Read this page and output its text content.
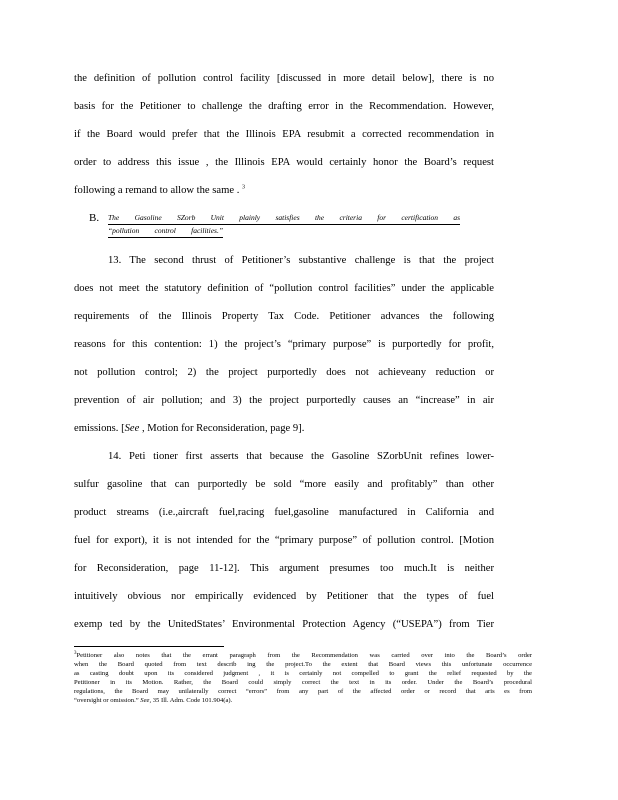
the definition of pollution control facility [discussed in more detail below], there is no
basis for the Petitioner to challenge the drafting error in the Recommendation. However,
if the Board would prefer that the Illinois EPA resubmit a corrected recommendation in
order to address this issue , the Illinois EPA would certainly honor the Board’s request
following a remand to allow the same . $^3$
B. The Gasoline SZorb Unit plainly satisfies the criteria for certification as
“pollution control facilities.”
13. The second thrust of Petitioner’s substantive challenge is that the project
does not meet the statutory definition of “pollution control facilities” under the applicable
requirements of the Illinois Property Tax Code. Petitioner advances the following
reasons for this contention: 1) the project’s “primary purpose” is purportedly for profit,
not pollution control; 2) the project purportedly does not achieveany reduction or
prevention of air pollution; and 3) the project purportedly causes an “increase” in air
emissions. [See , Motion for Reconsideration, page 9].
14. Peti tioner first asserts that because the Gasoline SZorbUnit refines lower-
sulfur gasoline that can purportedly be sold “more easily and profitably” than other
product streams (i.e.,aircraft fuel,racing fuel,gasoline manufactured in California and
fuel for export), it is not intended for the “primary purpose” of pollution control. [Motion
for Reconsideration, page 11-12]. This argument presumes too much.It is neither
intuitively obvious nor empirically evidenced by Petitioner that the types of fuel
exemp ted by the UnitedStates’ Environmental Protection Agency (“USEPA”) from Tier
$^3$Petitioner also notes that the errant paragraph from the Recommendation was carried over into the Board’s order
when the Board quoted from text describ ing the project.To the extent that Board views this unfortunate occurrence
as casting doubt upon its considered judgment , it is certainly not compelled to grant the relief requested by the
Petitioner in its Motion. Rather, the Board could simply correct the text in its order. Under the Board’s procedural
regulations, the Board may unilaterally correct “errors” from any part of the affected order or record that aris es from
“oversight or omission.” See, 35 Ill. Adm. Code 101.904(a).
